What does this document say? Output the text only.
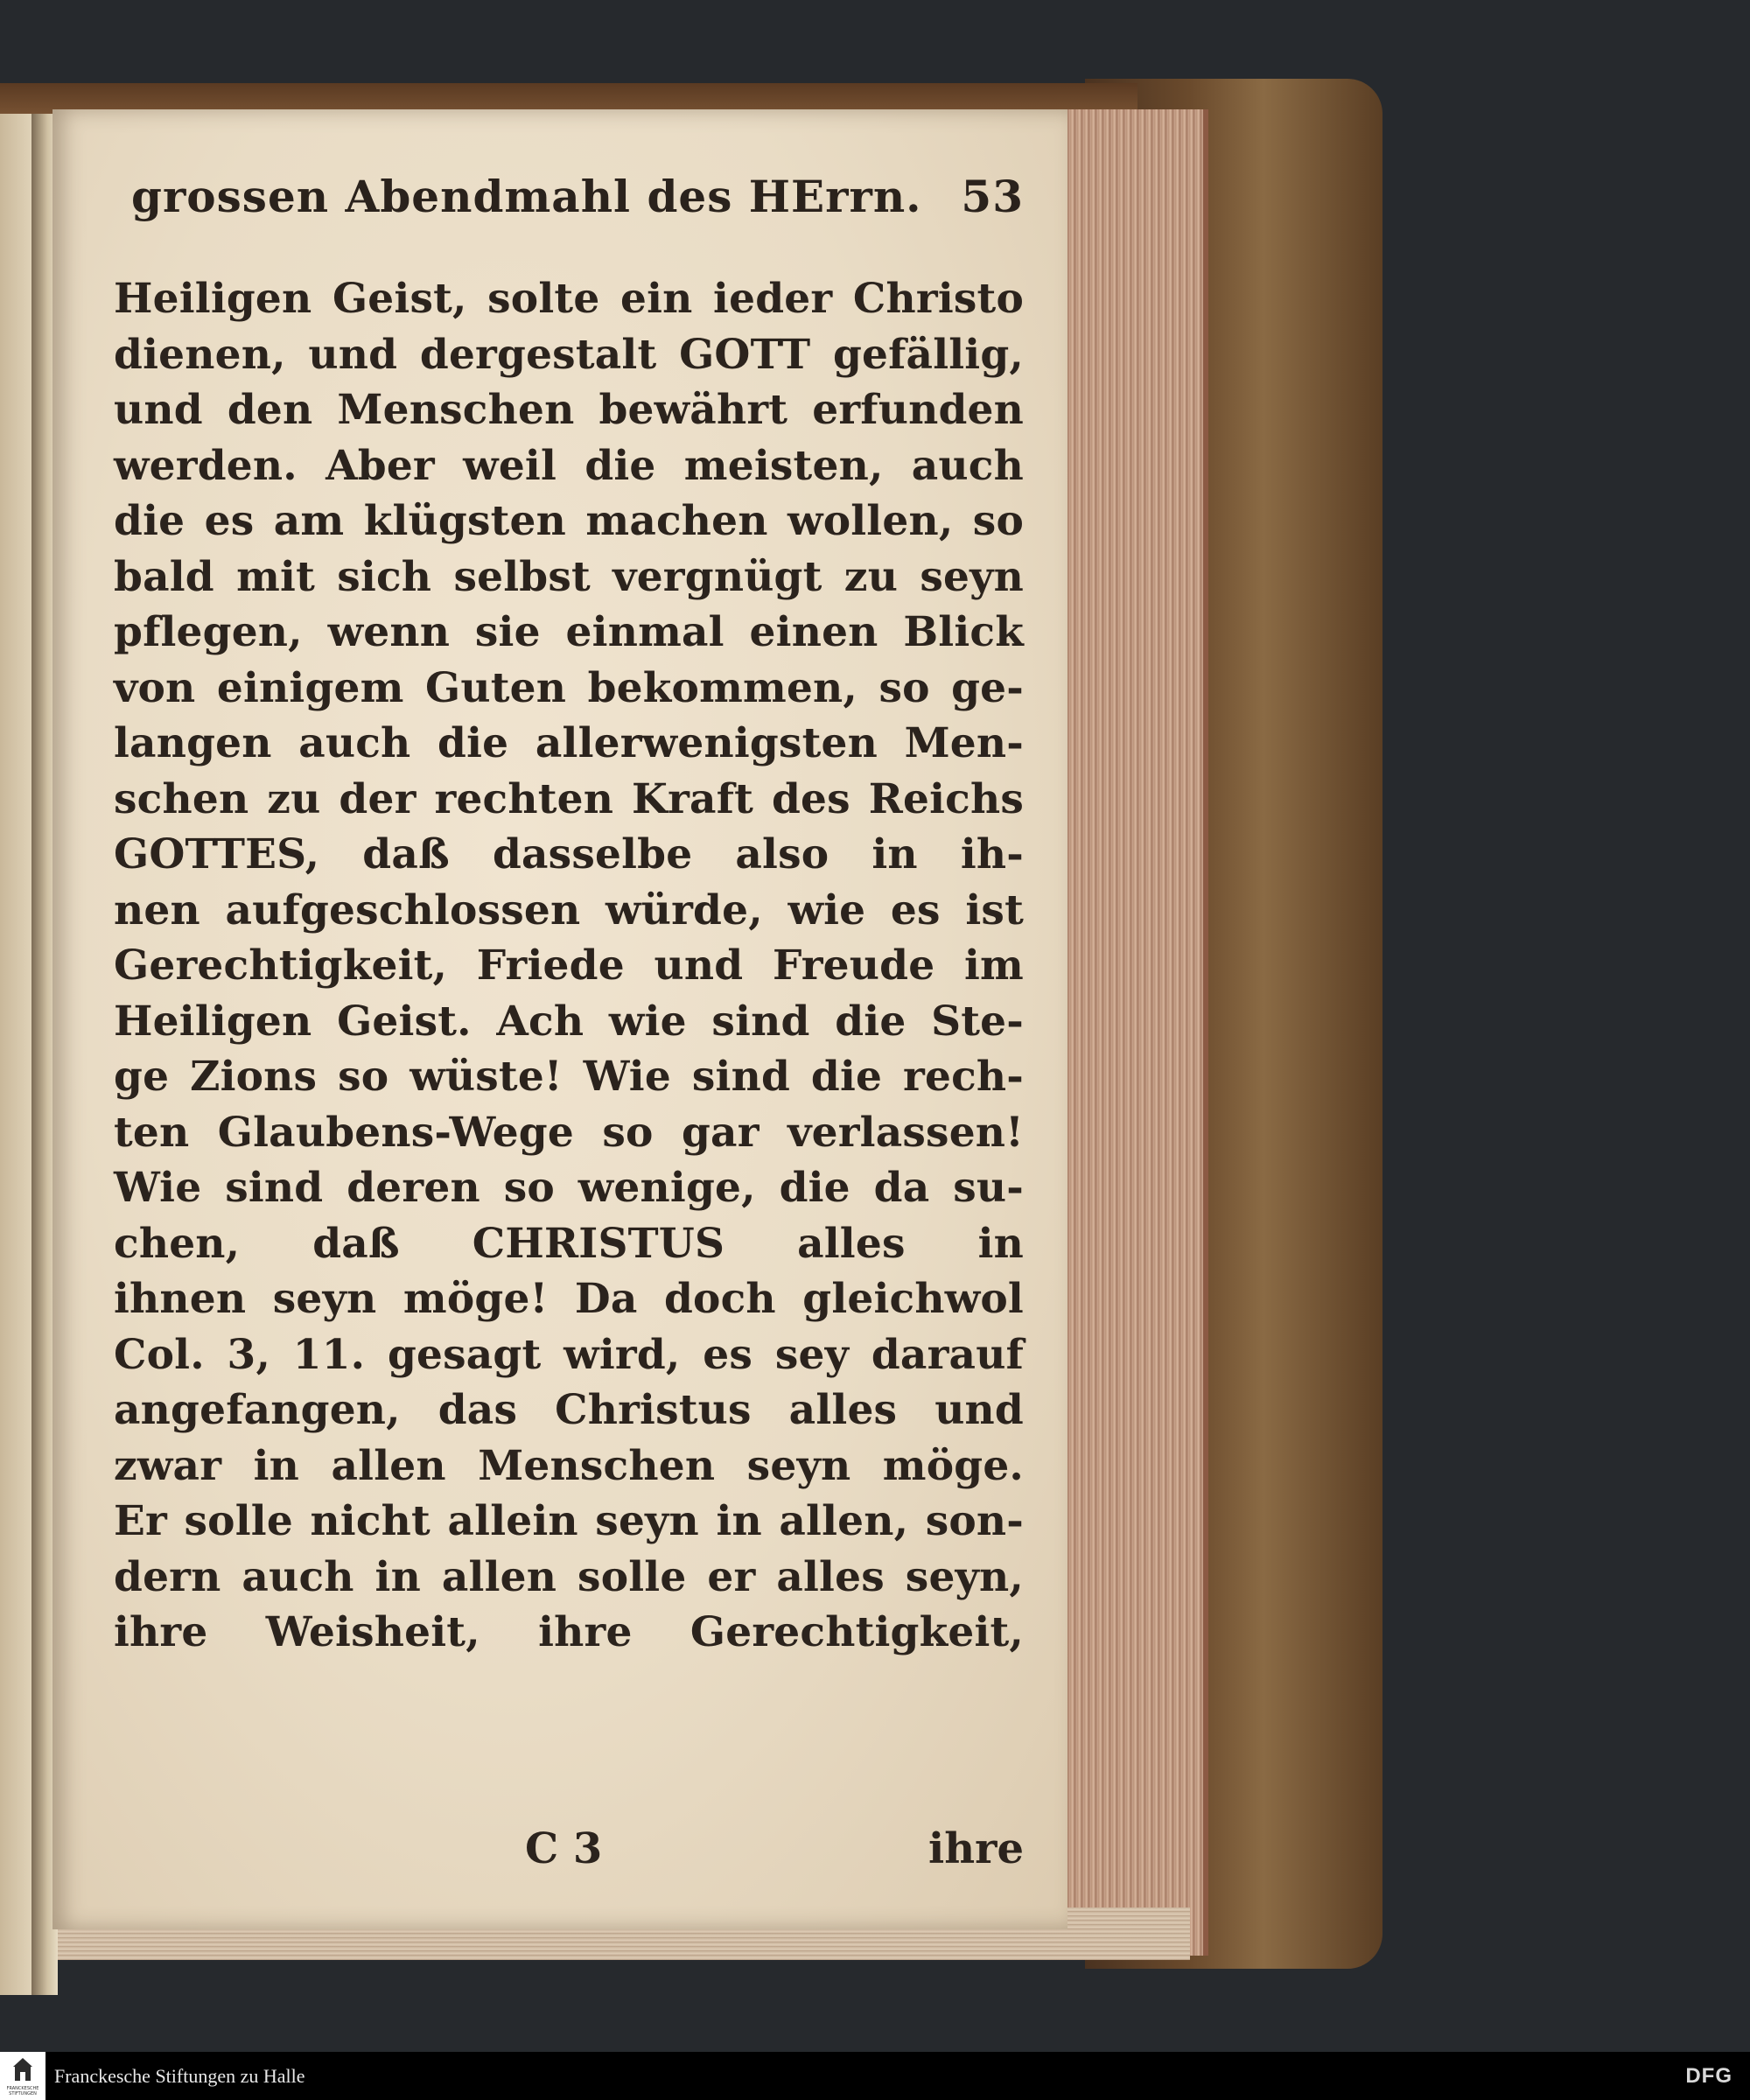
grossen Abendmahl des HErrn. 53
Heiligen Geist, solte ein ieder Christo
dienen, und dergestalt GOTT gefällig,
und den Menschen bewährt erfunden
werden. Aber weil die meisten, auch
die es am klügsten machen wollen, so
bald mit sich selbst vergnügt zu seyn
pflegen, wenn sie einmal einen Blick
von einigem Guten bekommen, so ge-
langen auch die allerwenigsten Men-
schen zu der rechten Kraft des Reichs
GOTTES, daß dasselbe also in ih-
nen aufgeschlossen würde, wie es ist
Gerechtigkeit, Friede und Freude im
Heiligen Geist. Ach wie sind die Ste-
ge Zions so wüste! Wie sind die rech-
ten Glaubens-Wege so gar verlassen!
Wie sind deren so wenige, die da su-
chen, daß CHRISTUS alles in
ihnen seyn möge! Da doch gleichwol
Col. 3, 11. gesagt wird, es sey darauf
angefangen, das Christus alles und
zwar in allen Menschen seyn möge.
Er solle nicht allein seyn in allen, son-
dern auch in allen solle er alles seyn,
ihre Weisheit, ihre Gerechtigkeit,
C 3	ihre
FRANCKESCHE STIFTUNGEN
Franckesche Stiftungen zu Halle	DFG
